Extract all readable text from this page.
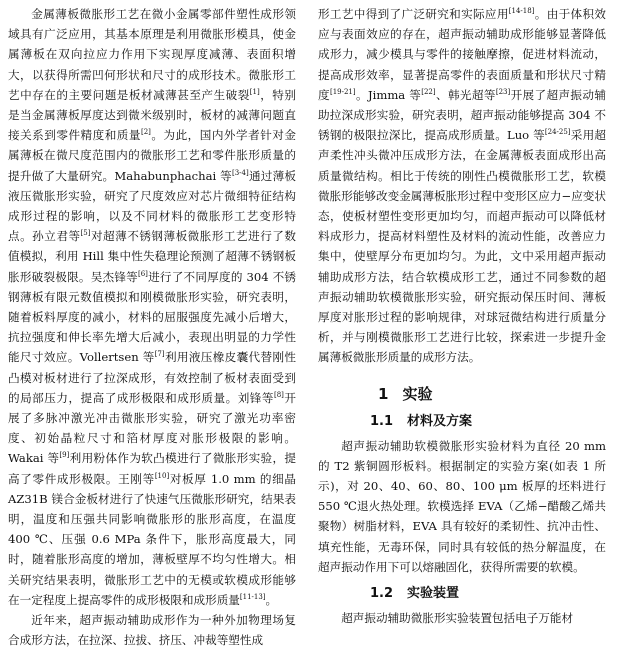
金属薄板微胀形工艺在微小金属零部件塑性成形领域具有广泛应用，其基本原理是利用微胀形模具，使金属薄板在双向拉应力作用下实现厚度减薄、表面积增大，以获得所需凹何形状和尺寸的成形技术。微胀形工艺中存在的主要问题是板材减薄甚至产生破裂[1]，特别是当金属薄板厚度达到微米级别时，板材的减薄问题直接关系到零件精度和质量[2]。为此，国内外学者针对金属薄板在微尺度范围内的微胀形工艺和零件胀形质量的提升做了大量研究。Mahabunphachai 等[3-4]通过薄板液压微胀形实验，研究了尺度效应对芯片微细特征结构成形过程的影响，以及不同材料的微胀形工艺变形特点。孙立君等[5]对超薄不锈钢薄板微胀形工艺进行了数值模拟，利用 Hill 集中性失稳理论预测了超薄不锈钢板胀形破裂极限。吴杰锋等[6]进行了不同厚度的 304 不锈钢薄板有限元数值模拟和刚模微胀形实验，研究表明，随着板料厚度的减小，材料的屈服强度先减小后增大，抗拉强度和伸长率先增大后减小，表现出明显的力学性能尺寸效应。Vollertsen 等[7]利用液压橡皮囊代替刚性凸模对板材进行了拉深成形，有效控制了板材表面受到的局部压力，提高了成形极限和成形质量。刘锋等[8]开展了多脉冲激光冲击微胀形实验，研究了激光功率密度、初始晶粒尺寸和箔材厚度对胀形极限的影响。Wakai 等[9]利用粉体作为软凸模进行了微胀形实验，提高了零件成形极限。王刚等[10]对板厚 1.0 mm 的细晶 AZ31B 镁合金板材进行了快速气压微胀形研究，结果表明，温度和压强共同影响微胀形的胀形高度，在温度 400 ℃、压强 0.6 MPa 条件下，胀形高度最大，同时，随着胀形高度的增加，薄板壁厚不均匀性增大。相关研究结果表明，微胀形工艺中的无模或软模成形能够在一定程度上提高零件的成形极限和成形质量[11-13]。

近年来，超声振动辅助成形作为一种外加物理场复合成形方法，在拉深、拉拔、挤压、冲裁等塑性成

形工艺中得到了广泛研究和实际应用[14-18]。由于体积效应与表面效应的存在，超声振动辅助成形能够显著降低成形力，减少模具与零件的接触摩擦，促进材料流动，提高成形效率，显著提高零件的表面质量和形状尺寸精度[19-21]。Jimma 等[22]、韩光超等[23]开展了超声振动辅助拉深成形实验，研究表明，超声振动能够提高 304 不锈钢的极限拉深比，提高成形质量。Luo 等[24-25]采用超声柔性冲头微冲压成形方法，在金属薄板表面成形出高质量微结构。相比于传统的刚性凸模微胀形工艺，软模微胀形能够改变金属薄板胀形过程中变形区应力−应变状态，使板材塑性变形更加均匀，而超声振动可以降低材料成形力，提高材料塑性及材料的流动性能，改善应力集中，使壁厚分布更加均匀。为此，文中采用超声振动辅助成形方法，结合软模成形工艺，通过不同参数的超声振动辅助软模微胀形实验，研究振动保压时间、薄板厚度对胀形过程的影响规律，对球冠微结构进行质量分析，并与刚模微胀形工艺进行比较，探索进一步提升金属薄板微胀形质量的成形方法。

1 实验

1.1 材料及方案

超声振动辅助软模微胀形实验材料为直径 20 mm 的 T2 紫铜圆形板料。根据制定的实验方案(如表 1 所示)，对 20、40、60、80、100 μm 板厚的坯料进行 550 ℃退火热处理。软模选择 EVA（乙烯−醋酸乙烯共聚物）树脂材料，EVA 具有较好的柔韧性、抗冲击性、填充性能，无毒环保，同时具有较低的热分解温度，在超声振动作用下可以熔融固化，获得所需要的软模。

1.2 实验装置

超声振动辅助微胀形实验装置包括电子万能材
